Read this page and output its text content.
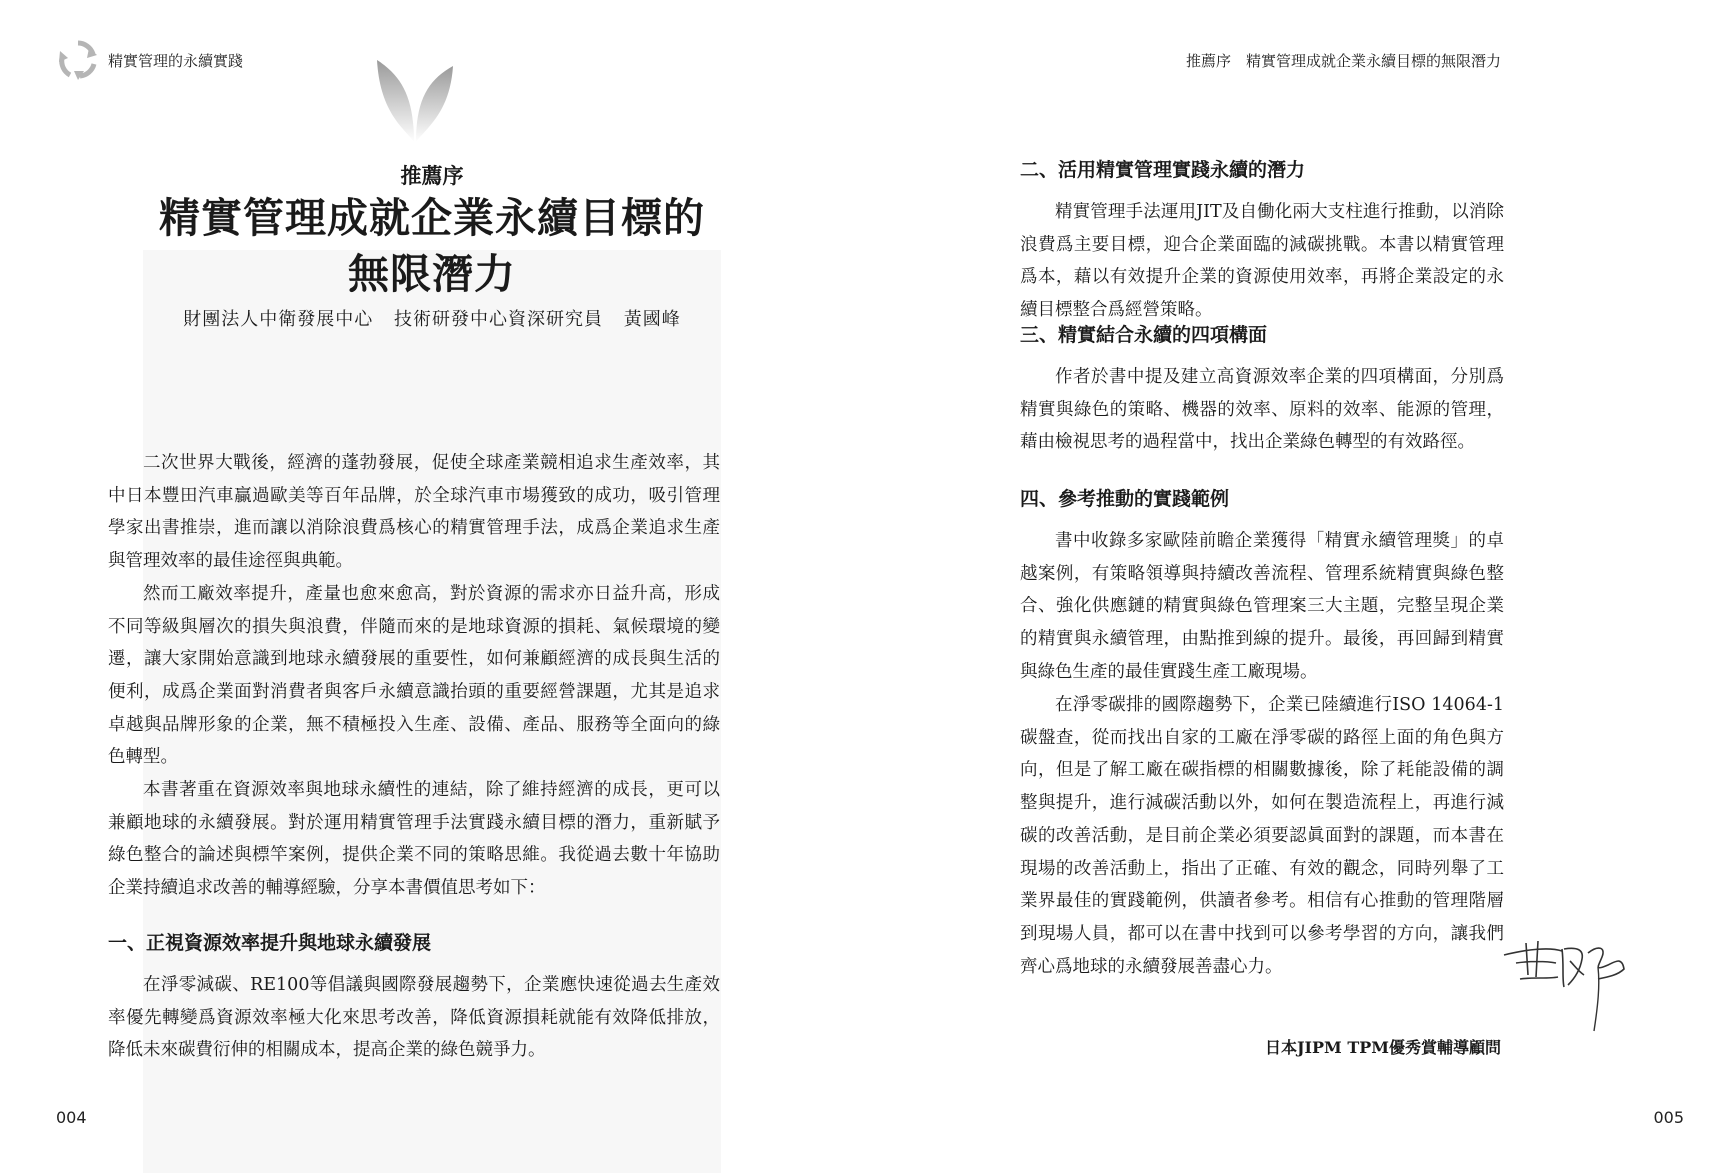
精實管理的永續實踐
推薦序
精實管理成就企業永續目標的
無限潛力
財團法人中衛發展中心 技術研發中心資深研究員 黃國峰

二次世界大戰後，經濟的蓬勃發展，促使全球產業競相追求生產效率，其中日本豐田汽車贏過歐美等百年品牌，於全球汽車市場獲致的成功，吸引管理學家出書推崇，進而讓以消除浪費爲核心的精實管理手法，成爲企業追求生產與管理效率的最佳途徑與典範。

然而工廠效率提升，產量也愈來愈高，對於資源的需求亦日益升高，形成不同等級與層次的損失與浪費，伴隨而來的是地球資源的損耗、氣候環境的變遷，讓大家開始意識到地球永續發展的重要性，如何兼顧經濟的成長與生活的便利，成爲企業面對消費者與客戶永續意識抬頭的重要經營課題，尤其是追求卓越與品牌形象的企業，無不積極投入生產、設備、產品、服務等全面向的綠色轉型。

本書著重在資源效率與地球永續性的連結，除了維持經濟的成長，更可以兼顧地球的永續發展。對於運用精實管理手法實踐永續目標的潛力，重新賦予綠色整合的論述與標竿案例，提供企業不同的策略思維。我從過去數十年協助企業持續追求改善的輔導經驗，分享本書價值思考如下：

一、正視資源效率提升與地球永續發展

在淨零減碳、RE100等倡議與國際發展趨勢下，企業應快速從過去生產效率優先轉變爲資源效率極大化來思考改善，降低資源損耗就能有效降低排放，降低未來碳費衍伸的相關成本，提高企業的綠色競爭力。

004
推薦序　精實管理成就企業永續目標的無限潛力
二、活用精實管理實踐永續的潛力

精實管理手法運用JIT及自働化兩大支柱進行推動，以消除浪費爲主要目標，迎合企業面臨的減碳挑戰。本書以精實管理爲本，藉以有效提升企業的資源使用效率，再將企業設定的永續目標整合爲經營策略。

三、精實結合永續的四項構面

作者於書中提及建立高資源效率企業的四項構面，分別爲精實與綠色的策略、機器的效率、原料的效率、能源的管理，藉由檢視思考的過程當中，找出企業綠色轉型的有效路徑。

四、參考推動的實踐範例

書中收錄多家歐陸前瞻企業獲得「精實永續管理獎」的卓越案例，有策略領導與持續改善流程、管理系統精實與綠色整合、強化供應鏈的精實與綠色管理案三大主題，完整呈現企業的精實與永續管理，由點推到線的提升。最後，再回歸到精實與綠色生產的最佳實踐生產工廠現場。

在淨零碳排的國際趨勢下，企業已陸續進行ISO 14064-1碳盤查，從而找出自家的工廠在淨零碳的路徑上面的角色與方向，但是了解工廠在碳指標的相關數據後，除了耗能設備的調整與提升，進行減碳活動以外，如何在製造流程上，再進行減碳的改善活動，是目前企業必須要認眞面對的課題，而本書在現場的改善活動上，指出了正確、有效的觀念，同時列舉了工業界最佳的實踐範例，供讀者參考。相信有心推動的管理階層到現場人員，都可以在書中找到可以參考學習的方向，讓我們齊心爲地球的永續發展善盡心力。

日本JIPM TPM優秀賞輔導顧問
005
